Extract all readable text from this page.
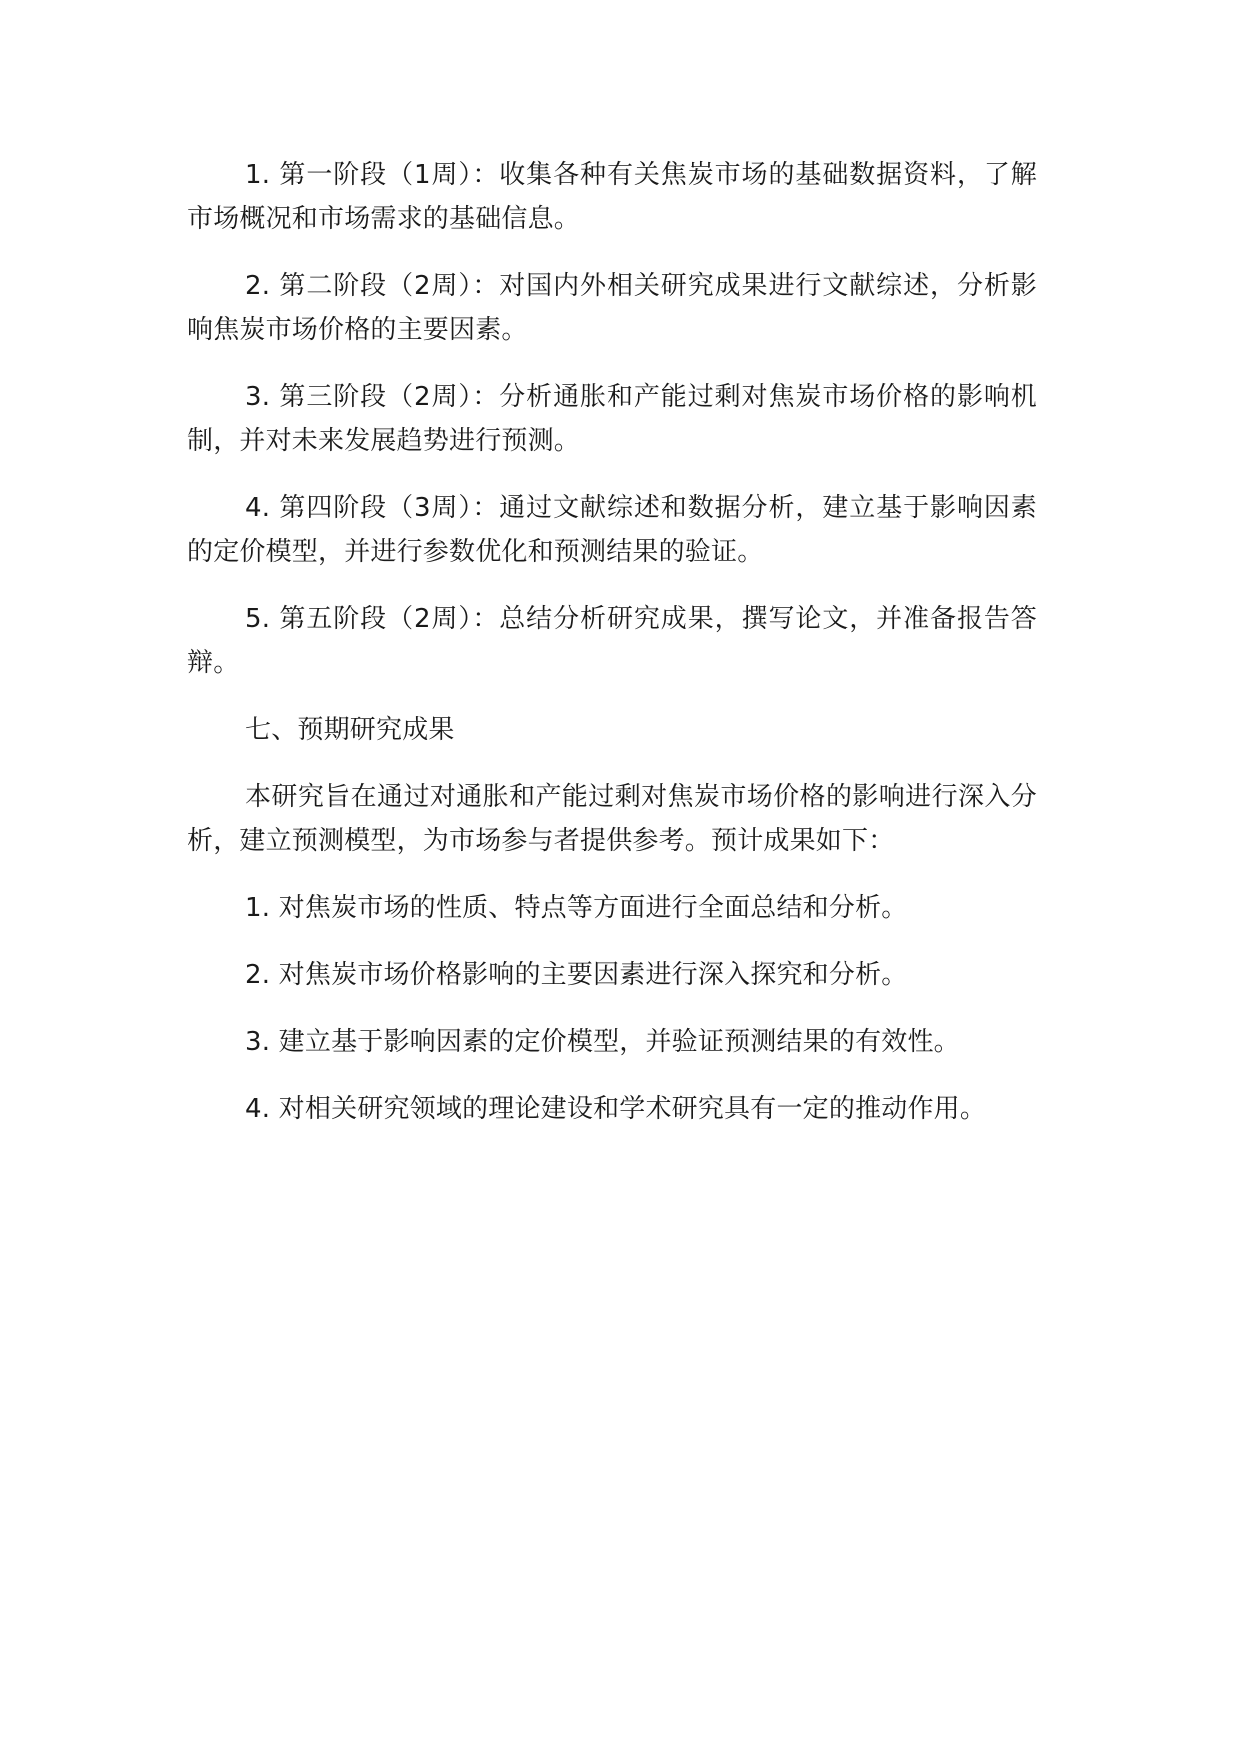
1. 第一阶段（1周）：收集各种有关焦炭市场的基础数据资料，了解市场概况和市场需求的基础信息。

2. 第二阶段（2周）：对国内外相关研究成果进行文献综述，分析影响焦炭市场价格的主要因素。

3. 第三阶段（2周）：分析通胀和产能过剩对焦炭市场价格的影响机制，并对未来发展趋势进行预测。

4. 第四阶段（3周）：通过文献综述和数据分析，建立基于影响因素的定价模型，并进行参数优化和预测结果的验证。

5. 第五阶段（2周）：总结分析研究成果，撰写论文，并准备报告答辩。

七、预期研究成果

本研究旨在通过对通胀和产能过剩对焦炭市场价格的影响进行深入分析，建立预测模型，为市场参与者提供参考。预计成果如下：

1. 对焦炭市场的性质、特点等方面进行全面总结和分析。

2. 对焦炭市场价格影响的主要因素进行深入探究和分析。

3. 建立基于影响因素的定价模型，并验证预测结果的有效性。

4. 对相关研究领域的理论建设和学术研究具有一定的推动作用。
